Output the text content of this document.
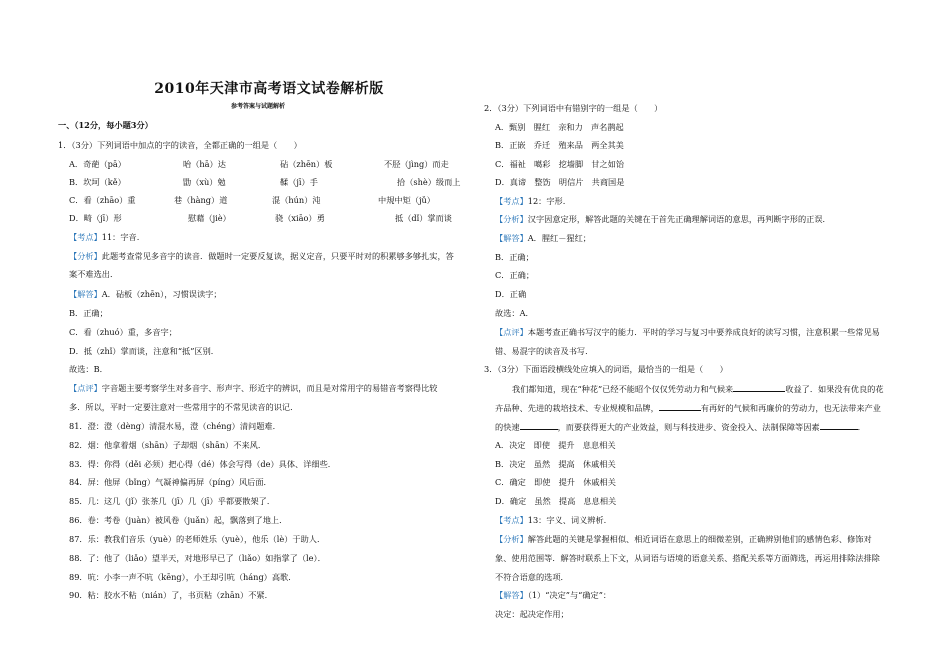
2010年天津市高考语文试卷解析版
参考答案与试题解析
一、（12分，每小题3分）
1．（3分）下列词语中加点的字的读音，全都正确的一组是（　　）
A．奇葩（pā）	咍（hā）达	砧（zhēn）板	不胫（jìng）而走
B．坎坷（kě）	勖（xù）勉	鞣（jī）手	拾（shè）级而上
C．看（zhāo）重	巷（hàng）道	混（hún）沌	中規中矩（jǔ）
D．畸（jī）形	慰藉（jiè）	骁（xiāo）勇	抵（dǐ）掌而谈
【考点】11：字音.
【分析】此题考查常见多音字的读音．做题时一定要反复读，据义定音，只要平时对的积累够多够扎实，答
案不难选出．
【解答】A．砧板（zhēn），习惯误读字；
B．正确；
C．看（zhuó）重，多音字；
D．抵（zhǐ）掌而谈，注意和“抵”区别．
故选：B．
【点评】字音题主要考察学生对多音字、形声字、形近字的辨识，而且是对常用字的易错音考察得比较
多．所以，平时一定要注意对一些常用字的不常见读音的识记．
81．澄：澄（dèng）清混水易，澄（chéng）清问题难．
82．烟：他拿着烟（shān）子却烟（shān）不来风．
83．得：你得（děi 必须）把心得（dé）体会写得（de）具体、详细些．
84．屏：他屏（bǐng）气凝神偏再屏（píng）风后面．
85．几：这几（jǐ）张茶几（jī）几（jī）乎都要散架了．
86．卷：考卷（juàn）被风卷（juǎn）起，飘落到了地上．
87．乐：教我们音乐（yuè）的老师姓乐（yuè），他乐（lè）于助人．
88．了：他了（liǎo）望半天，对地形早已了（liǎo）如指掌了（le）．
89．吭：小李一声不吭（kēng），小王却引吭（háng）高歌．
90．粘：胶水不粘（nián）了，书页粘（zhān）不紧．
2．（3分）下列词语中有错别字的一组是（　　）
A．甄别　腥红　亲和力　声名鹊起
B．正嵌　乔迁　殖来品　两全其美
C．福祉　噶彩　挖墙脚　甘之如饴
D．真谛　整饬　明信片　共商国是
【考点】12：字形.
【分析】汉字因意定形，解答此题的关键在于首先正确理解词语的意思，再判断字形的正误．
【解答】A．腥红－猩红；
B．正确；
C．正确；
D．正确
故选：A．
【点评】本题考查正确书写汉字的能力．平时的学习与复习中要养成良好的读写习惯，注意积累一些常见易
错、易混字的读音及书写．
3．（3分）下面语段横线处应填入的词语，最恰当的一组是（　　）
我们都知道，现在“种花”已经不能昭个仅仅凭劳动力和气候来	收益了．如果没有优良的花
卉品种、先进的栽培技术、专业规模和品牌，	有再好的气候和再廉价的劳动力，也无法带来产业
的快速	，而要获得更大的产业效益，则与科技进步、资金投入、法制保障等因素	．
A．决定　即使　提升　息息相关
B．决定　虽然　提高　休戚相关
C．确定　即使　提升　休戚相关
D．确定　虽然　提高　息息相关
【考点】13：字义、词义辨析.
【分析】解答此题的关键是掌握相似、相近词语在意思上的细微差别，正确辨别他们的感情色彩、修饰对
象、使用范围等．解答时联系上下文，从词语与语境的语意关系、搭配关系等方面筛选，再运用排除法排除
不符合语意的选项．
【解答】（1）“决定”与“确定”：
决定：起决定作用；
